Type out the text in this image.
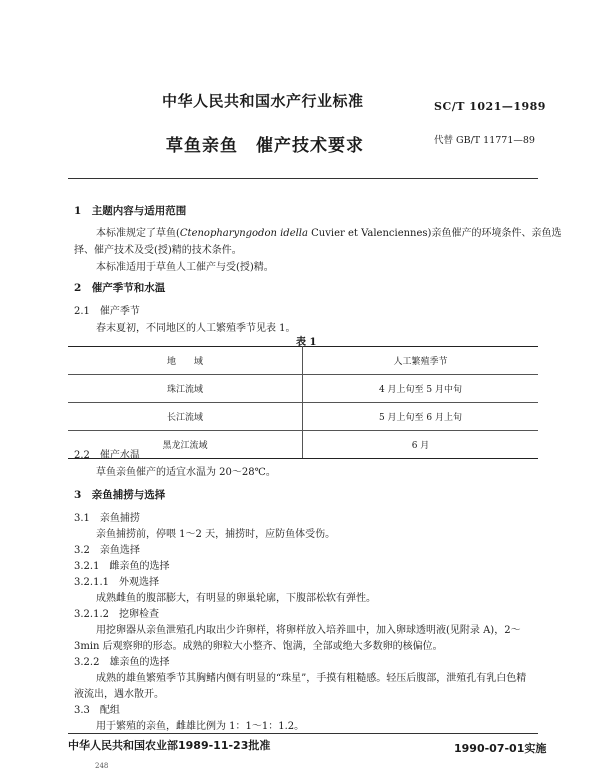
中华人民共和国水产行业标准	SC/T 1021—1989
草鱼亲鱼　催产技术要求	代替 GB/T 11771—89
1　主题内容与适用范围
本标准规定了草鱼(Ctenopharyngodon idella Cuvier et Valenciennes)亲鱼催产的环境条件、亲鱼选
择、催产技术及受(授)精的技术条件。
本标准适用于草鱼人工催产与受(授)精。
2　催产季节和水温
2.1　催产季节
春末夏初，不同地区的人工繁殖季节见表 1。
表 1
地　　域	人工繁殖季节
珠江流域	4 月上旬至 5 月中旬
长江流域	5 月上旬至 6 月上旬
黑龙江流域	6 月
2.2　催产水温
草鱼亲鱼催产的适宜水温为 20～28℃。
3　亲鱼捕捞与选择
3.1　亲鱼捕捞
亲鱼捕捞前，停喂 1～2 天，捕捞时，应防鱼体受伤。
3.2　亲鱼选择
3.2.1　雌亲鱼的选择
3.2.1.1　外观选择
成熟雌鱼的腹部膨大，有明显的卵巢轮廓，下腹部松软有弹性。
3.2.1.2　挖卵检查
用挖卵器从亲鱼泄殖孔内取出少许卵样，将卵样放入培养皿中，加入卵球透明液(见附录 A)，2～
3min 后观察卵的形态。成熟的卵粒大小整齐、饱满，全部或绝大多数卵的核偏位。
3.2.2　雄亲鱼的选择
成熟的雄鱼繁殖季节其胸鳍内侧有明显的“珠星”，手摸有粗糙感。轻压后腹部，泄殖孔有乳白色精
液流出，遇水散开。
3.3　配组
用于繁殖的亲鱼，雌雄比例为 1：1～1：1.2。
中华人民共和国农业部1989-11-23批准	1990-07-01实施
248
